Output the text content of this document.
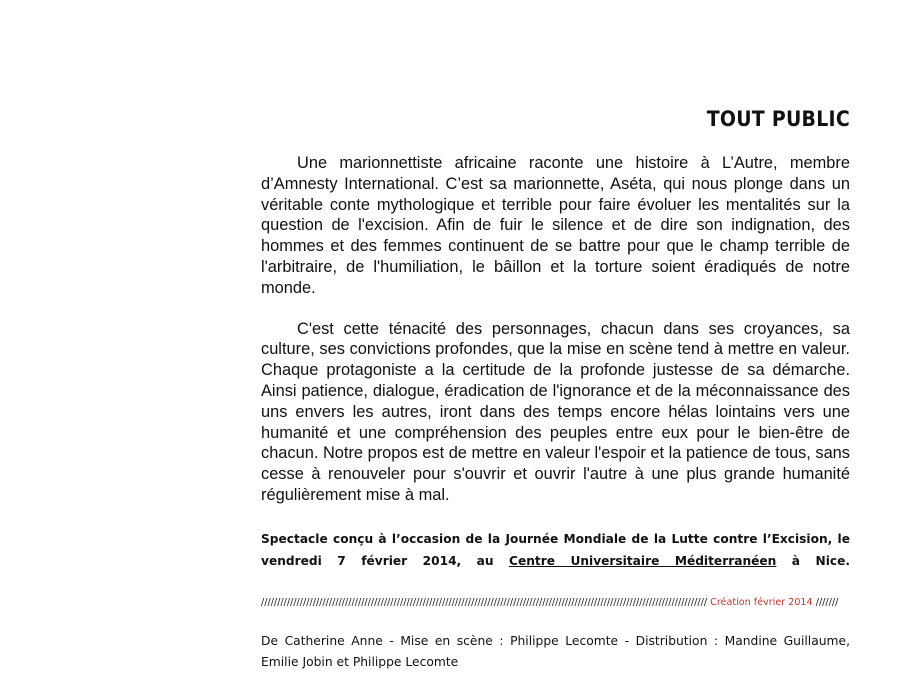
TOUT PUBLIC

Une marionnettiste africaine raconte une histoire à L’Autre, membre d’Amnesty International. C’est sa marionnette, Aséta, qui nous plonge dans un véritable conte mythologique et terrible pour faire évoluer les mentalités sur la question de l'excision. Afin de fuir le silence et de dire son indignation, des hommes et des femmes continuent de se battre pour que le champ terrible de l'arbitraire, de l'humiliation, le bâillon et la torture soient éradiqués de notre monde.

C'est cette ténacité des personnages, chacun dans ses croyances, sa culture, ses convictions profondes, que la mise en scène tend à mettre en valeur. Chaque protagoniste a la certitude de la profonde justesse de sa démarche. Ainsi patience, dialogue, éradication de l'ignorance et de la méconnaissance des uns envers les autres, iront dans des temps encore hélas lointains vers une humanité et une compréhension des peuples entre eux pour le bien-être de chacun. Notre propos est de mettre en valeur l'espoir et la patience de tous, sans cesse à renouveler pour s'ouvrir et ouvrir l'autre à une plus grande humanité régulièrement mise à mal.

Spectacle conçu à l’occasion de la Journée Mondiale de la Lutte contre l’Excision, le vendredi 7 février 2014, au Centre Universitaire Méditerranéen à Nice.

////////////////////////////////////////////////////////////////////////////////////////////////////////////////////////////////////////// Création février 2014 ///////

De Catherine Anne - Mise en scène : Philippe Lecomte - Distribution : Mandine Guillaume, Emilie Jobin et Philippe Lecomte
